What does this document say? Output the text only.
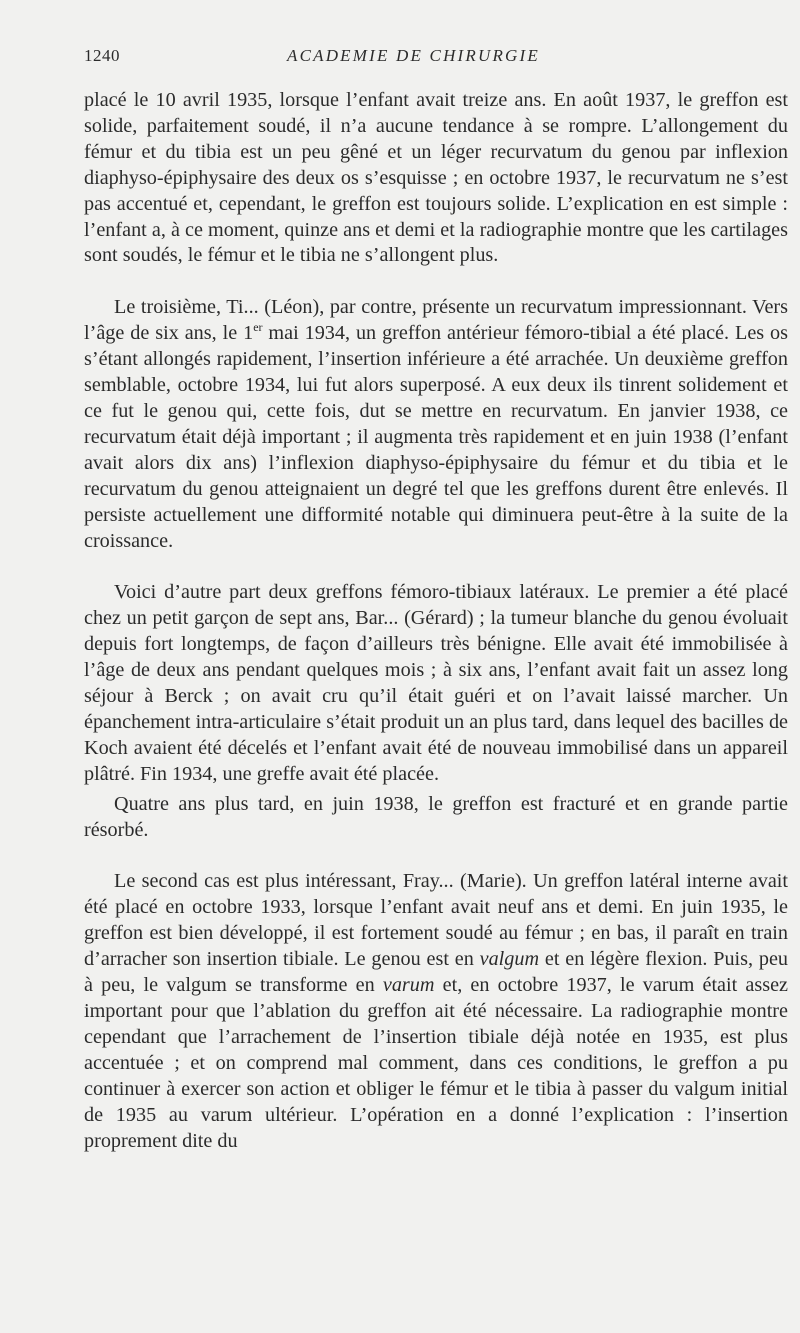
1240	ACADEMIE DE CHIRURGIE

placé le 10 avril 1935, lorsque l’enfant avait treize ans. En août 1937, le greffon est solide, parfaitement soudé, il n’a aucune tendance à se rompre. L’allongement du fémur et du tibia est un peu gêné et un léger recurvatum du genou par inflexion diaphyso-épiphysaire des deux os s’esquisse ; en octobre 1937, le recurvatum ne s’est pas accentué et, cependant, le greffon est toujours solide. L’explication en est simple : l’enfant a, à ce moment, quinze ans et demi et la radiographie montre que les cartilages sont soudés, le fémur et le tibia ne s’allongent plus.

Le troisième, Ti... (Léon), par contre, présente un recurvatum impressionnant. Vers l’âge de six ans, le 1er mai 1934, un greffon antérieur fémoro-tibial a été placé. Les os s’étant allongés rapidement, l’insertion inférieure a été arrachée. Un deuxième greffon semblable, octobre 1934, lui fut alors superposé. A eux deux ils tinrent solidement et ce fut le genou qui, cette fois, dut se mettre en recurvatum. En janvier 1938, ce recurvatum était déjà important ; il augmenta très rapidement et en juin 1938 (l’enfant avait alors dix ans) l’inflexion diaphyso-épiphysaire du fémur et du tibia et le recurvatum du genou atteignaient un degré tel que les greffons durent être enlevés. Il persiste actuellement une difformité notable qui diminuera peut-être à la suite de la croissance.

Voici d’autre part deux greffons fémoro-tibiaux latéraux. Le premier a été placé chez un petit garçon de sept ans, Bar... (Gérard) ; la tumeur blanche du genou évoluait depuis fort longtemps, de façon d’ailleurs très bénigne. Elle avait été immobilisée à l’âge de deux ans pendant quelques mois ; à six ans, l’enfant avait fait un assez long séjour à Berck ; on avait cru qu’il était guéri et on l’avait laissé marcher. Un épanchement intra-articulaire s’était produit un an plus tard, dans lequel des bacilles de Koch avaient été décelés et l’enfant avait été de nouveau immobilisé dans un appareil plâtré. Fin 1934, une greffe avait été placée.

Quatre ans plus tard, en juin 1938, le greffon est fracturé et en grande partie résorbé.

Le second cas est plus intéressant, Fray... (Marie). Un greffon latéral interne avait été placé en octobre 1933, lorsque l’enfant avait neuf ans et demi. En juin 1935, le greffon est bien développé, il est fortement soudé au fémur ; en bas, il paraît en train d’arracher son insertion tibiale. Le genou est en valgum et en légère flexion. Puis, peu à peu, le valgum se transforme en varum et, en octobre 1937, le varum était assez important pour que l’ablation du greffon ait été nécessaire. La radiographie montre cependant que l’arrachement de l’insertion tibiale déjà notée en 1935, est plus accentuée ; et on comprend mal comment, dans ces conditions, le greffon a pu continuer à exercer son action et obliger le fémur et le tibia à passer du valgum initial de 1935 au varum ultérieur. L’opération en a donné l’explication : l’insertion proprement dite du
